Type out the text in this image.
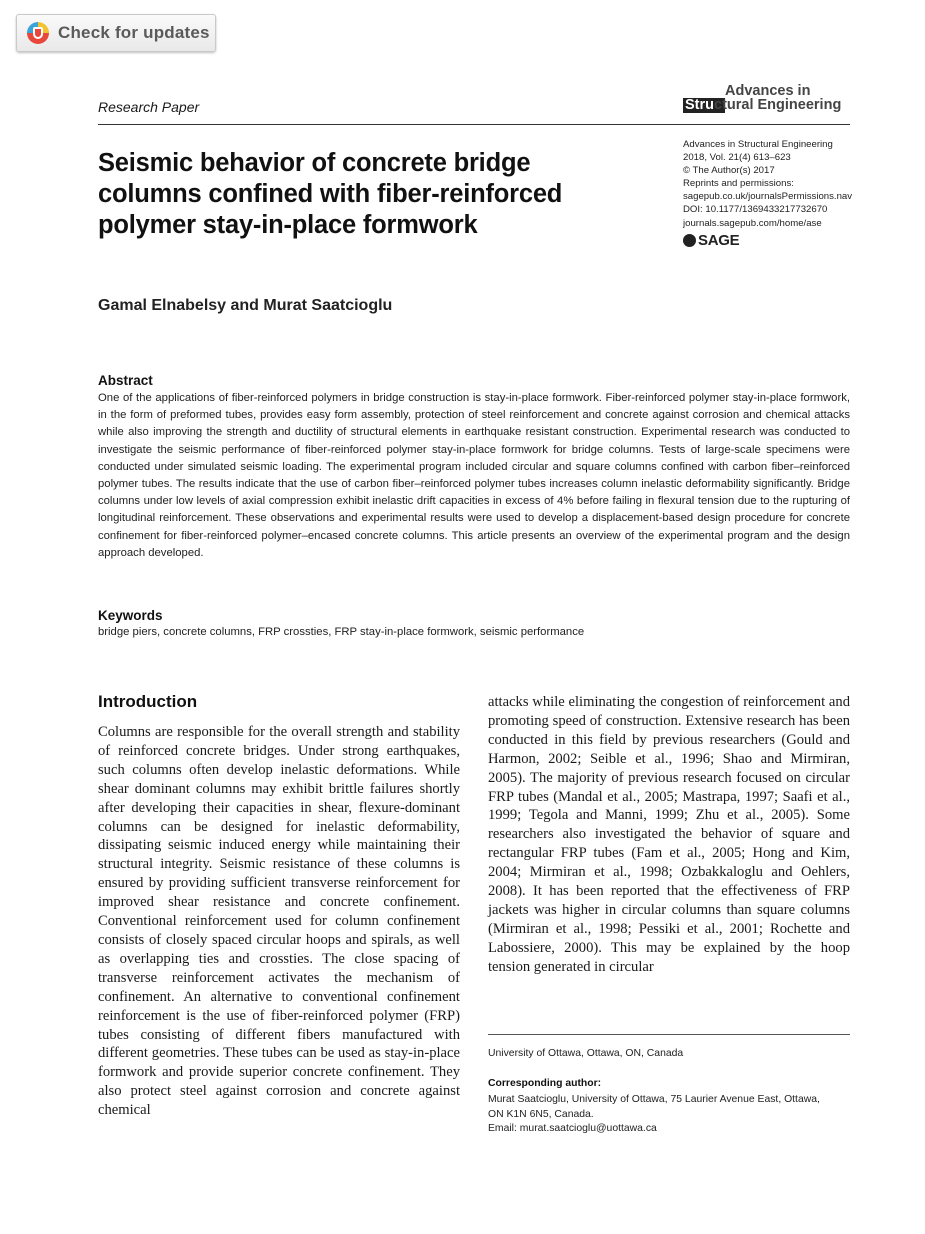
Check for updates
Research Paper
Advances in
Structural Engineering
Advances in Structural Engineering
2018, Vol. 21(4) 613–623
© The Author(s) 2017
Reprints and permissions:
sagepub.co.uk/journalsPermissions.nav
DOI: 10.1177/1369433217732670
journals.sagepub.com/home/ase
SAGE
Seismic behavior of concrete bridge columns confined with fiber-reinforced polymer stay-in-place formwork
Gamal Elnabelsy and Murat Saatcioglu
Abstract
One of the applications of fiber-reinforced polymers in bridge construction is stay-in-place formwork. Fiber-reinforced polymer stay-in-place formwork, in the form of preformed tubes, provides easy form assembly, protection of steel reinforcement and concrete against corrosion and chemical attacks while also improving the strength and ductility of structural elements in earthquake resistant construction. Experimental research was conducted to investigate the seismic performance of fiber-reinforced polymer stay-in-place formwork for bridge columns. Tests of large-scale specimens were conducted under simulated seismic loading. The experimental program included circular and square columns confined with carbon fiber–reinforced polymer tubes. The results indicate that the use of carbon fiber–reinforced polymer tubes increases column inelastic deformability significantly. Bridge columns under low levels of axial compression exhibit inelastic drift capacities in excess of 4% before failing in flexural tension due to the rupturing of longitudinal reinforcement. These observations and experimental results were used to develop a displacement-based design procedure for concrete confinement for fiber-reinforced polymer–encased concrete columns. This article presents an overview of the experimental program and the design approach developed.
Keywords
bridge piers, concrete columns, FRP crossties, FRP stay-in-place formwork, seismic performance
Introduction
Columns are responsible for the overall strength and stability of reinforced concrete bridges. Under strong earthquakes, such columns often develop inelastic deformations. While shear dominant columns may exhibit brittle failures shortly after developing their capacities in shear, flexure-dominant columns can be designed for inelastic deformability, dissipating seismic induced energy while maintaining their structural integrity. Seismic resistance of these columns is ensured by providing sufficient transverse reinforcement for improved shear resistance and concrete confinement. Conventional reinforcement used for column confinement consists of closely spaced circular hoops and spirals, as well as overlapping ties and crossties. The close spacing of transverse reinforcement activates the mechanism of confinement. An alternative to conventional confinement reinforcement is the use of fiber-reinforced polymer (FRP) tubes consisting of different fibers manufactured with different geometries. These tubes can be used as stay-in-place formwork and provide superior concrete confinement. They also protect steel against corrosion and concrete against chemical
attacks while eliminating the congestion of reinforcement and promoting speed of construction. Extensive research has been conducted in this field by previous researchers (Gould and Harmon, 2002; Seible et al., 1996; Shao and Mirmiran, 2005). The majority of previous research focused on circular FRP tubes (Mandal et al., 2005; Mastrapa, 1997; Saafi et al., 1999; Tegola and Manni, 1999; Zhu et al., 2005). Some researchers also investigated the behavior of square and rectangular FRP tubes (Fam et al., 2005; Hong and Kim, 2004; Mirmiran et al., 1998; Ozbakkaloglu and Oehlers, 2008). It has been reported that the effectiveness of FRP jackets was higher in circular columns than square columns (Mirmiran et al., 1998; Pessiki et al., 2001; Rochette and Labossiere, 2000). This may be explained by the hoop tension generated in circular
University of Ottawa, Ottawa, ON, Canada
Corresponding author:
Murat Saatcioglu, University of Ottawa, 75 Laurier Avenue East, Ottawa,
ON K1N 6N5, Canada.
Email: murat.saatcioglu@uottawa.ca
